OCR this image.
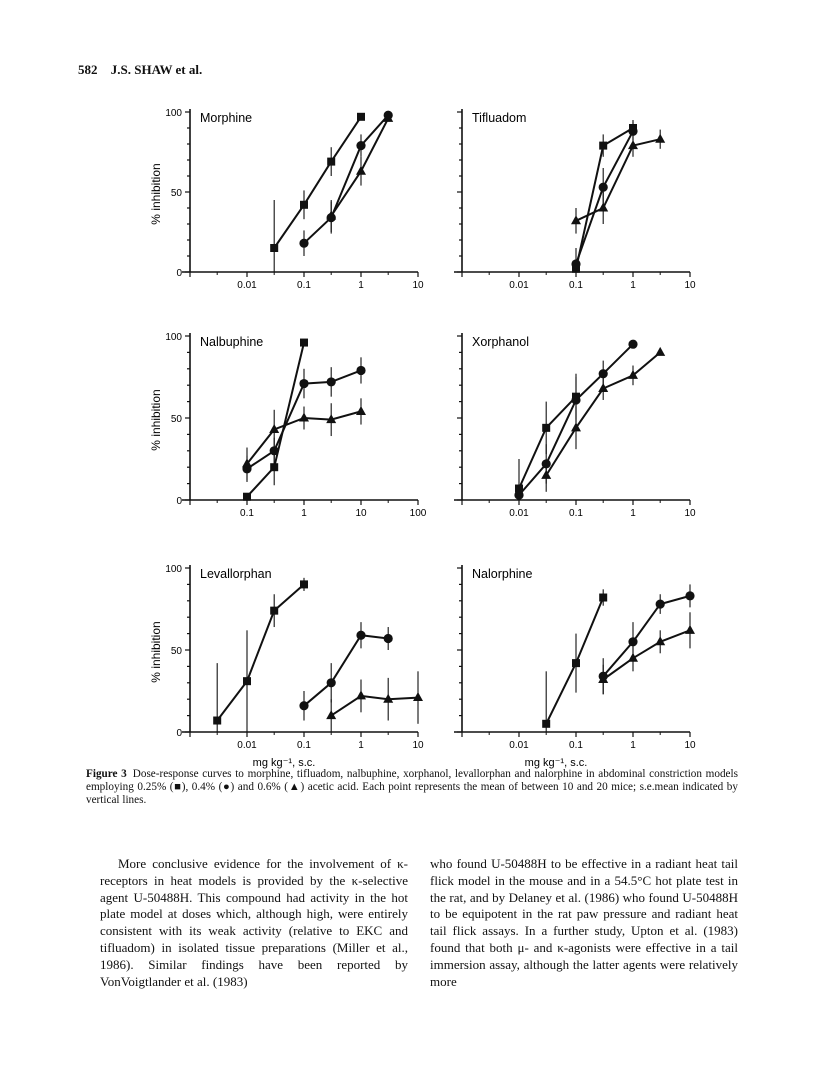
582 J.S. SHAW et al.
0.01	0.1	1	10
0
50
100 Morphine
% inhibition
0.01	0.1	1	10
Tifluadom
0.1	1	10	100
0
50
100 Nalbuphine
% inhibition
0.01	0.1	1	10
Xorphanol
0.01	0.1	1	10
0
50
100 Levallorphan
% inhibition
mg kg⁻¹, s.c.
0.01	0.1	1	10
Nalorphine
mg kg⁻¹, s.c.
Figure 3 Dose-response curves to morphine, tifluadom, nalbuphine, xorphanol, levallorphan and nalorphine in abdominal constriction models employing 0.25% (■), 0.4% (●) and 0.6% (▲) acetic acid. Each point represents the mean of between 10 and 20 mice; s.e.mean indicated by vertical lines.
More conclusive evidence for the involvement of κ-receptors in heat models is provided by the κ-selective agent U-50488H. This compound had activity in the hot plate model at doses which, although high, were entirely consistent with its weak activity (relative to EKC and tifluadom) in isolated tissue preparations (Miller et al., 1986). Similar findings have been reported by VonVoigtlander et al. (1983)
who found U-50488H to be effective in a radiant heat tail flick model in the mouse and in a 54.5°C hot plate test in the rat, and by Delaney et al. (1986) who found U-50488H to be equipotent in the rat paw pressure and radiant heat tail flick assays. In a further study, Upton et al. (1983) found that both μ- and κ-agonists were effective in a tail immersion assay, although the latter agents were relatively more
